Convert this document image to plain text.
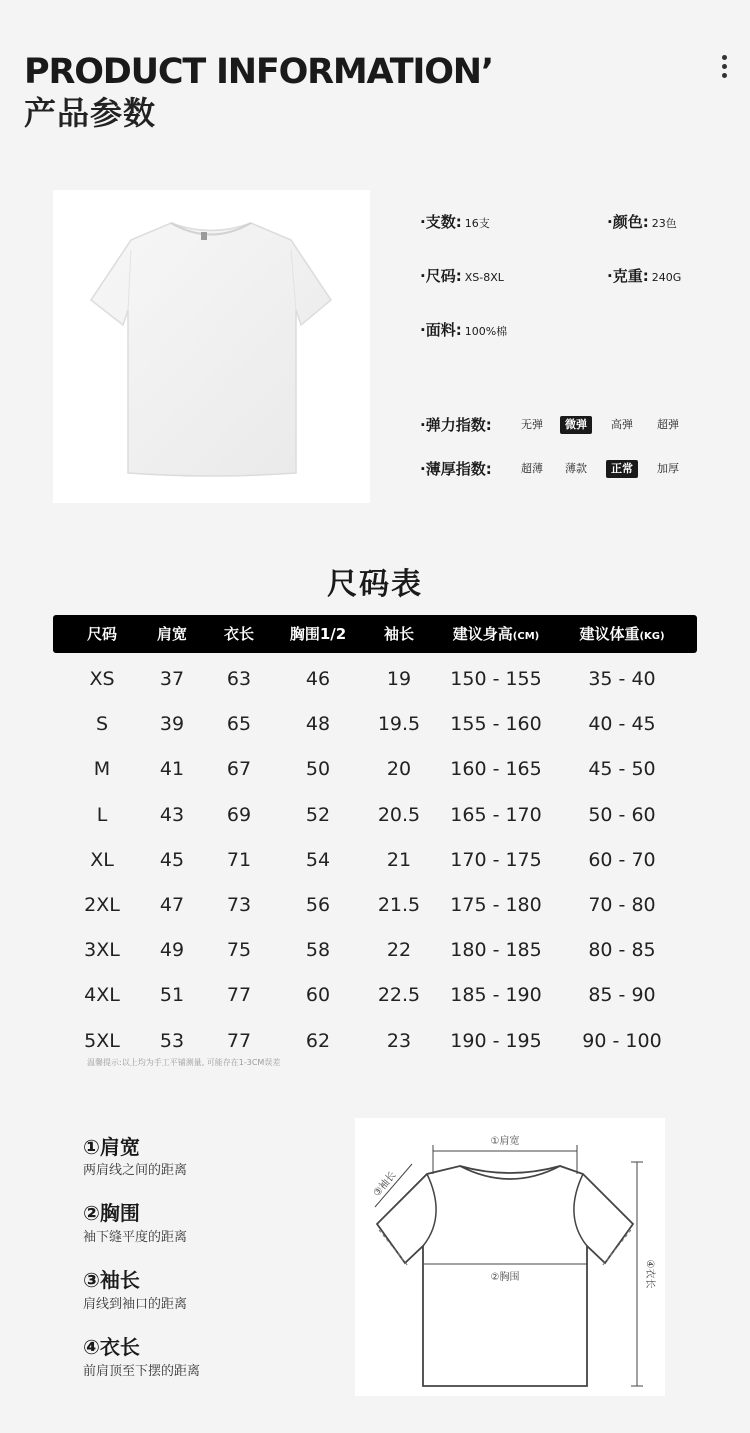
PRODUCT INFORMATION’
产品参数
·支数: 16支	·颜色: 23色
·尺码: XS-8XL	·克重: 240G
·面料: 100%棉
·弹力指数:	无弹	微弹	高弹	超弹
·薄厚指数:	超薄	薄款	正常	加厚
尺码表
尺码	肩宽	衣长	胸围1/2	袖长	建议身高(CM)	建议体重(KG)
XS	37	63	46	19	150 - 155	35 - 40
S	39	65	48	19.5	155 - 160	40 - 45
M	41	67	50	20	160 - 165	45 - 50
L	43	69	52	20.5	165 - 170	50 - 60
XL	45	71	54	21	170 - 175	60 - 70
2XL	47	73	56	21.5	175 - 180	70 - 80
3XL	49	75	58	22	180 - 185	80 - 85
4XL	51	77	60	22.5	185 - 190	85 - 90
5XL	53	77	62	23	190 - 195	90 - 100
温馨提示:以上均为手工平铺测量, 可能存在1-3CM误差
①肩宽
两肩线之间的距离
②胸围
袖下缝平度的距离
③袖长
肩线到袖口的距离
④衣长
前肩顶至下摆的距离
①肩宽
②胸围
③袖长
④衣长
